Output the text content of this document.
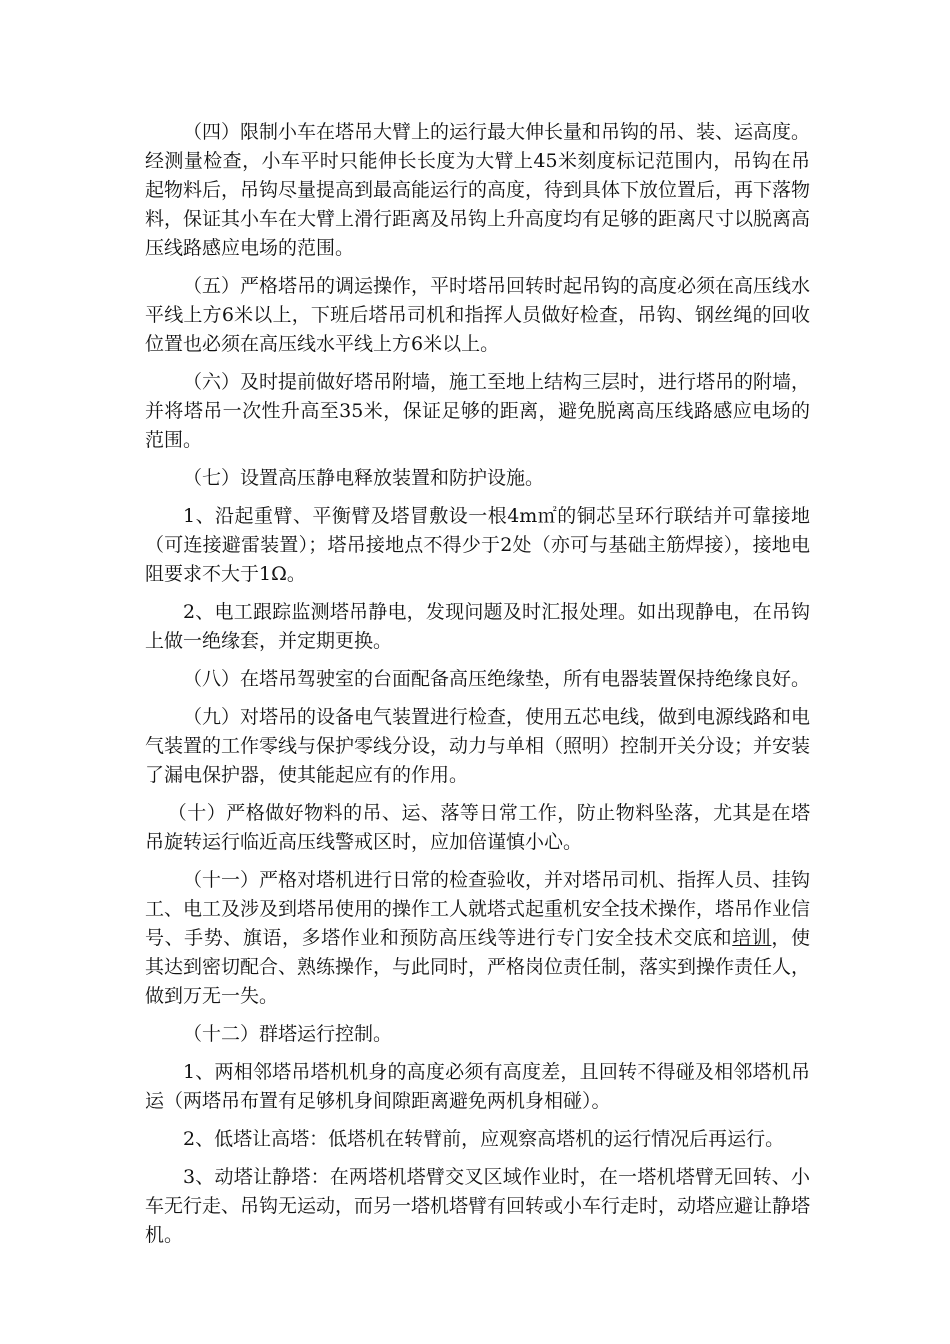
（四）限制小车在塔吊大臂上的运行最大伸长量和吊钩的吊、装、运高度。经测量检查，小车平时只能伸长长度为大臂上45米刻度标记范围内，吊钩在吊起物料后，吊钩尽量提高到最高能运行的高度，待到具体下放位置后，再下落物料，保证其小车在大臂上滑行距离及吊钩上升高度均有足够的距离尺寸以脱离高压线路感应电场的范围。

（五）严格塔吊的调运操作，平时塔吊回转时起吊钩的高度必须在高压线水平线上方6米以上，下班后塔吊司机和指挥人员做好检查，吊钩、钢丝绳的回收位置也必须在高压线水平线上方6米以上。

（六）及时提前做好塔吊附墙，施工至地上结构三层时，进行塔吊的附墙，并将塔吊一次性升高至35米，保证足够的距离，避免脱离高压线路感应电场的范围。

（七）设置高压静电释放装置和防护设施。

1、沿起重臂、平衡臂及塔冒敷设一根4m㎡的铜芯呈环行联结并可靠接地（可连接避雷装置）；塔吊接地点不得少于2处（亦可与基础主筋焊接），接地电阻要求不大于1Ω。

2、电工跟踪监测塔吊静电，发现问题及时汇报处理。如出现静电，在吊钩上做一绝缘套，并定期更换。

（八）在塔吊驾驶室的台面配备高压绝缘垫，所有电器装置保持绝缘良好。

（九）对塔吊的设备电气装置进行检查，使用五芯电线，做到电源线路和电气装置的工作零线与保护零线分设，动力与单相（照明）控制开关分设；并安装了漏电保护器，使其能起应有的作用。

（十）严格做好物料的吊、运、落等日常工作，防止物料坠落，尤其是在塔吊旋转运行临近高压线警戒区时，应加倍谨慎小心。

（十一）严格对塔机进行日常的检查验收，并对塔吊司机、指挥人员、挂钩工、电工及涉及到塔吊使用的操作工人就塔式起重机安全技术操作，塔吊作业信号、手势、旗语，多塔作业和预防高压线等进行专门安全技术交底和培训，使其达到密切配合、熟练操作，与此同时，严格岗位责任制，落实到操作责任人，做到万无一失。

（十二）群塔运行控制。

1、两相邻塔吊塔机机身的高度必须有高度差，且回转不得碰及相邻塔机吊运（两塔吊布置有足够机身间隙距离避免两机身相碰）。

2、低塔让高塔：低塔机在转臂前，应观察高塔机的运行情况后再运行。

3、动塔让静塔：在两塔机塔臂交叉区域作业时，在一塔机塔臂无回转、小车无行走、吊钩无运动，而另一塔机塔臂有回转或小车行走时，动塔应避让静塔机。
